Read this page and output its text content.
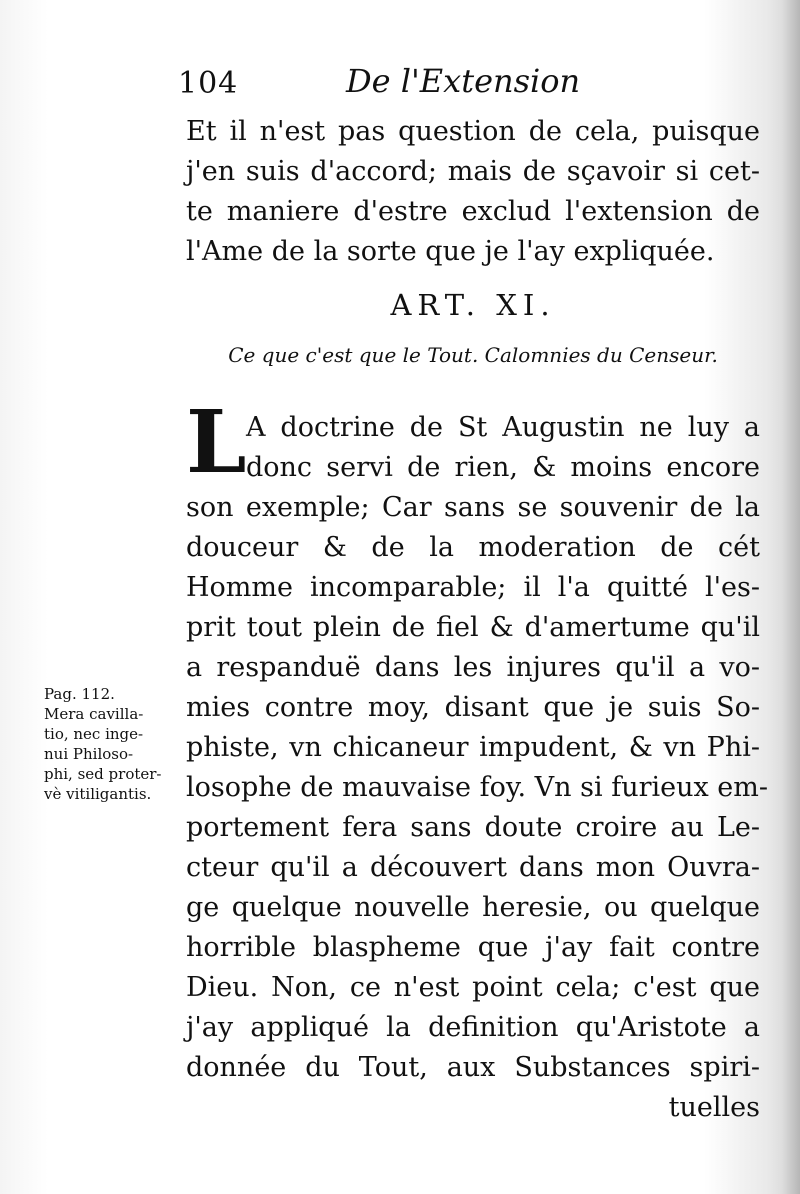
104	De l'Extension
Et il n'est pas question de cela, puisque
j'en suis d'accord; mais de sçavoir si cet-
te maniere d'estre exclud l'extension de
l'Ame de la sorte que je l'ay expliquée.
ART. XI.
Ce que c'est que le Tout. Calomnies du Censeur.
L A doctrine de St Augustin ne luy a
donc servi de rien, & moins encore
son exemple; Car sans se souvenir de la
douceur & de la moderation de cét
Homme incomparable; il l'a quitté l'es-
prit tout plein de fiel & d'amertume qu'il
a respanduë dans les injures qu'il a vo-
mies contre moy, disant que je suis So-
phiste, vn chicaneur impudent, & vn Phi-
losophe de mauvaise foy. Vn si furieux em-
portement fera sans doute croire au Le-
cteur qu'il a découvert dans mon Ouvra-
ge quelque nouvelle heresie, ou quelque
horrible blaspheme que j'ay fait contre
Dieu. Non, ce n'est point cela; c'est que
j'ay appliqué la definition qu'Aristote a
donnée du Tout, aux Substances spiri-
tuelles
Pag. 112.
Mera cavilla-
tio, nec inge-
nui Philoso-
phi, sed proter-
vè vitiligantis.
